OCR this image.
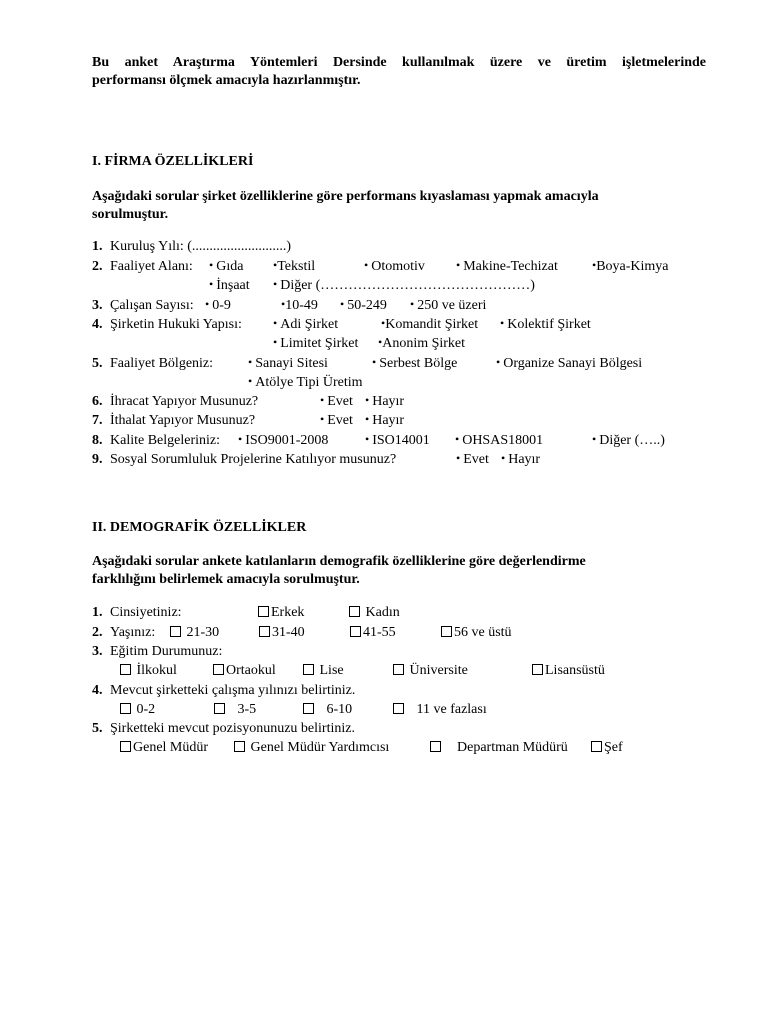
Bu anket Araştırma Yöntemleri Dersinde kullanılmak üzere ve üretim işletmelerinde
performansı ölçmek amacıyla hazırlanmıştır.

I. FİRMA ÖZELLİKLERİ

Aşağıdaki sorular şirket özelliklerine göre performans kıyaslaması yapmak amacıyla
sorulmuştur.

1. Kuruluş Yılı: (...........................)
2. Faaliyet Alanı:	• Gıda	• Tekstil	• Otomotiv	• Makine-Techizat	• Boya-Kimya
• İnşaat	• Diğer (………………………………………)
3. Çalışan Sayısı:	• 0-9	• 10-49	• 50-249	• 250 ve üzeri
4. Şirketin Hukuki Yapısı:	• Adi Şirket	• Komandit Şirket	• Kolektif Şirket
• Limitet Şirket	• Anonim Şirket
5. Faaliyet Bölgeniz:	• Sanayi Sitesi	• Serbest Bölge	• Organize Sanayi Bölgesi
• Atölye Tipi Üretim
6. İhracat Yapıyor Musunuz?	• Evet	• Hayır
7. İthalat Yapıyor Musunuz?	• Evet	• Hayır
8. Kalite Belgeleriniz:	• ISO9001-2008	• ISO14001	• OHSAS18001	• Diğer (…..)
9. Sosyal Sorumluluk Projelerine Katılıyor musunuz?	• Evet	• Hayır

II. DEMOGRAFİK ÖZELLİKLER

Aşağıdaki sorular ankete katılanların demografik özelliklerine göre değerlendirme
farklılığını belirlemek amacıyla sorulmuştur.

1. Cinsiyetiniz:	Erkek	Kadın
2. Yaşınız:	21-30	31-40	41-55	56 ve üstü
3. Eğitim Durumunuz:
İlkokul	Ortaokul	Lise	Üniversite	Lisansüstü
4. Mevcut şirketteki çalışma yılınızı belirtiniz.
0-2	3-5	6-10	11 ve fazlası
5. Şirketteki mevcut pozisyonunuzu belirtiniz.
Genel Müdür	Genel Müdür Yardımcısı	Departman Müdürü	Şef
